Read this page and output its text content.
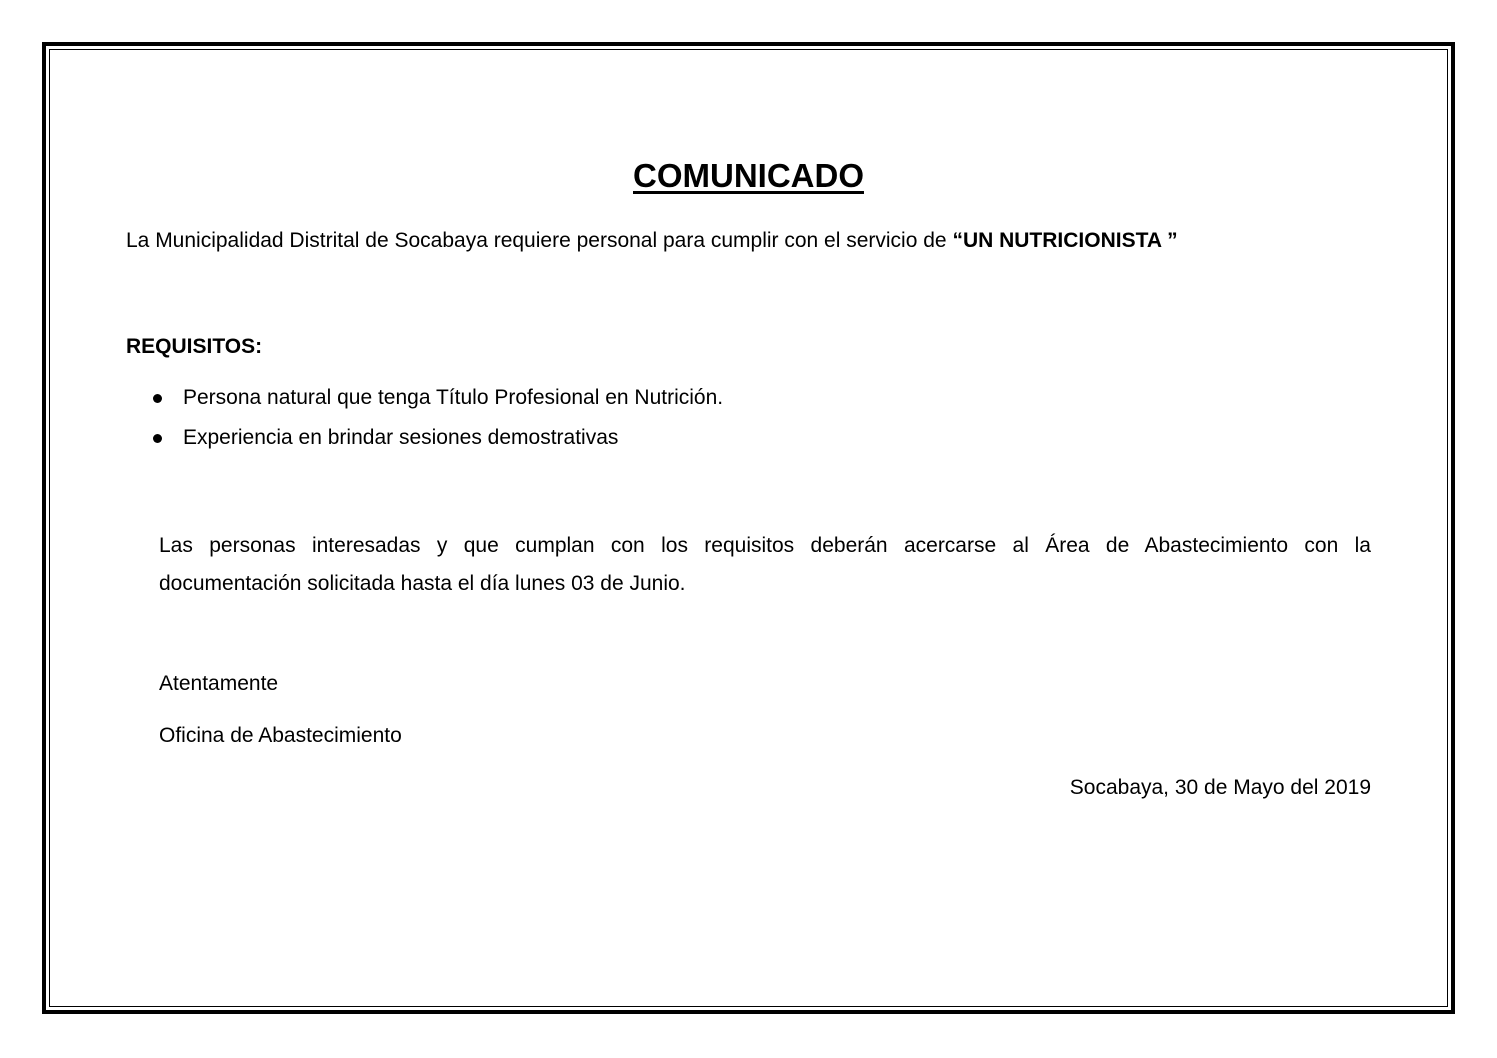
COMUNICADO
La Municipalidad Distrital de Socabaya requiere personal para cumplir con el servicio de “UN NUTRICIONISTA ”
REQUISITOS:
Persona natural que tenga Título Profesional en Nutrición.
Experiencia en brindar sesiones demostrativas
Las personas interesadas y que cumplan con los requisitos deberán acercarse al Área de Abastecimiento con la
documentación solicitada hasta el día lunes 03 de Junio.
Atentamente
Oficina de Abastecimiento
Socabaya, 30 de Mayo del 2019
